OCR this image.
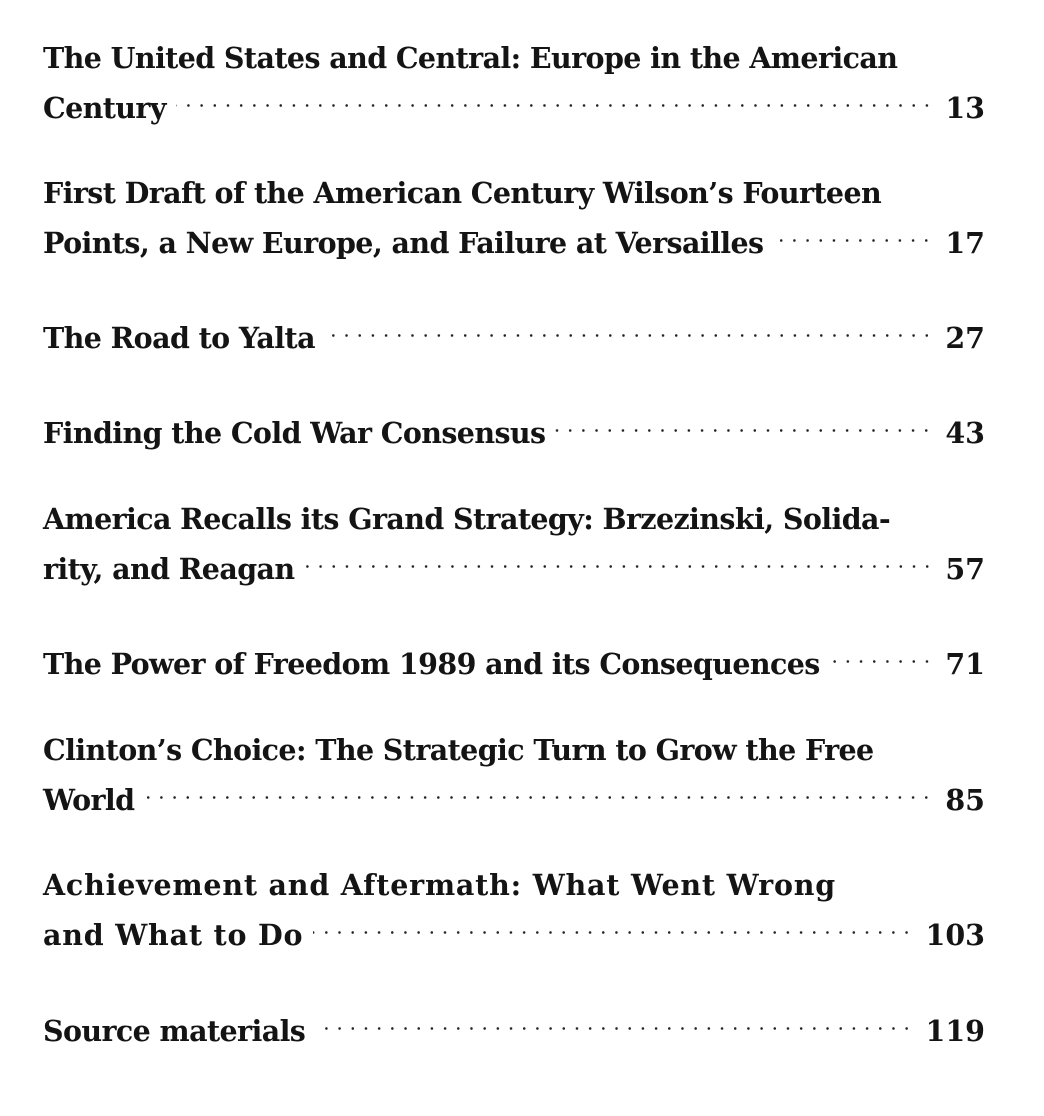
The United States and Central: Europe in the American
Century	13
First Draft of the American Century Wilson’s Fourteen
Points, a New Europe, and Failure at Versailles	17
The Road to Yalta	27
Finding the Cold War Consensus	43
America Recalls its Grand Strategy: Brzezinski, Solida-
rity, and Reagan	57
The Power of Freedom 1989 and its Consequences	71
Clinton’s Choice: The Strategic Turn to Grow the Free
World	85
Achievement and Aftermath: What Went Wrong
and What to Do	103
Source materials	119
